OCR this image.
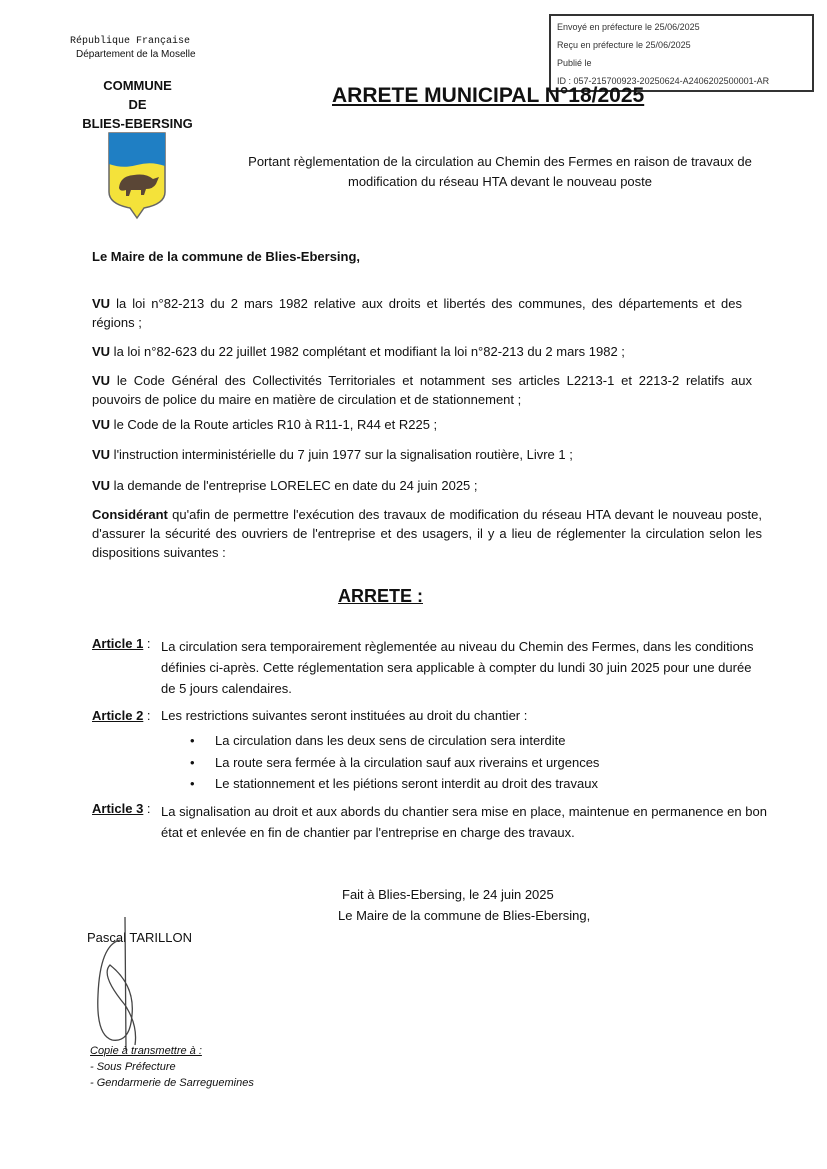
Envoyé en préfecture le 25/06/2025
Reçu en préfecture le 25/06/2025
Publié le
ID : 057-215700923-20250624-A2406202500001-AR
République Française
Département de la Moselle
COMMUNE
DE
BLIES-EBERSING
ARRETE MUNICIPAL N°18/2025
Portant règlementation de la circulation au Chemin des Fermes en raison de travaux de
modification du réseau HTA devant le nouveau poste
Le Maire de la commune de Blies-Ebersing,
VU la loi n°82-213 du 2 mars 1982 relative aux droits et libertés des communes, des départements et des régions ;
VU la loi n°82-623 du 22 juillet 1982 complétant et modifiant la loi n°82-213 du 2 mars 1982 ;
VU le Code Général des Collectivités Territoriales et notamment ses articles L2213-1 et 2213-2 relatifs aux pouvoirs de police du maire en matière de circulation et de stationnement ;
VU le Code de la Route articles R10 à R11-1, R44 et R225 ;
VU l'instruction interministérielle du 7 juin 1977 sur la signalisation routière, Livre 1 ;
VU la demande de l'entreprise LORELEC en date du 24 juin 2025 ;
Considérant qu'afin de permettre l'exécution des travaux de modification du réseau HTA devant le nouveau poste, d'assurer la sécurité des ouvriers de l'entreprise et des usagers, il y a lieu de réglementer la circulation selon les dispositions suivantes :
ARRETE :
Article 1 : La circulation sera temporairement règlementée au niveau du Chemin des Fermes, dans les conditions définies ci-après. Cette réglementation sera applicable à compter du lundi 30 juin 2025 pour une durée de 5 jours calendaires.
Article 2 : Les restrictions suivantes seront instituées au droit du chantier :
• La circulation dans les deux sens de circulation sera interdite
• La route sera fermée à la circulation sauf aux riverains et urgences
• Le stationnement et les piétions seront interdit au droit des travaux
Article 3 : La signalisation au droit et aux abords du chantier sera mise en place, maintenue en permanence en bon état et enlevée en fin de chantier par l'entreprise en charge des travaux.
Fait à Blies-Ebersing, le 24 juin 2025
Le Maire de la commune de Blies-Ebersing,
Pascal TARILLON
Copie à transmettre à :
- Sous Préfecture
- Gendarmerie de Sarreguemines
